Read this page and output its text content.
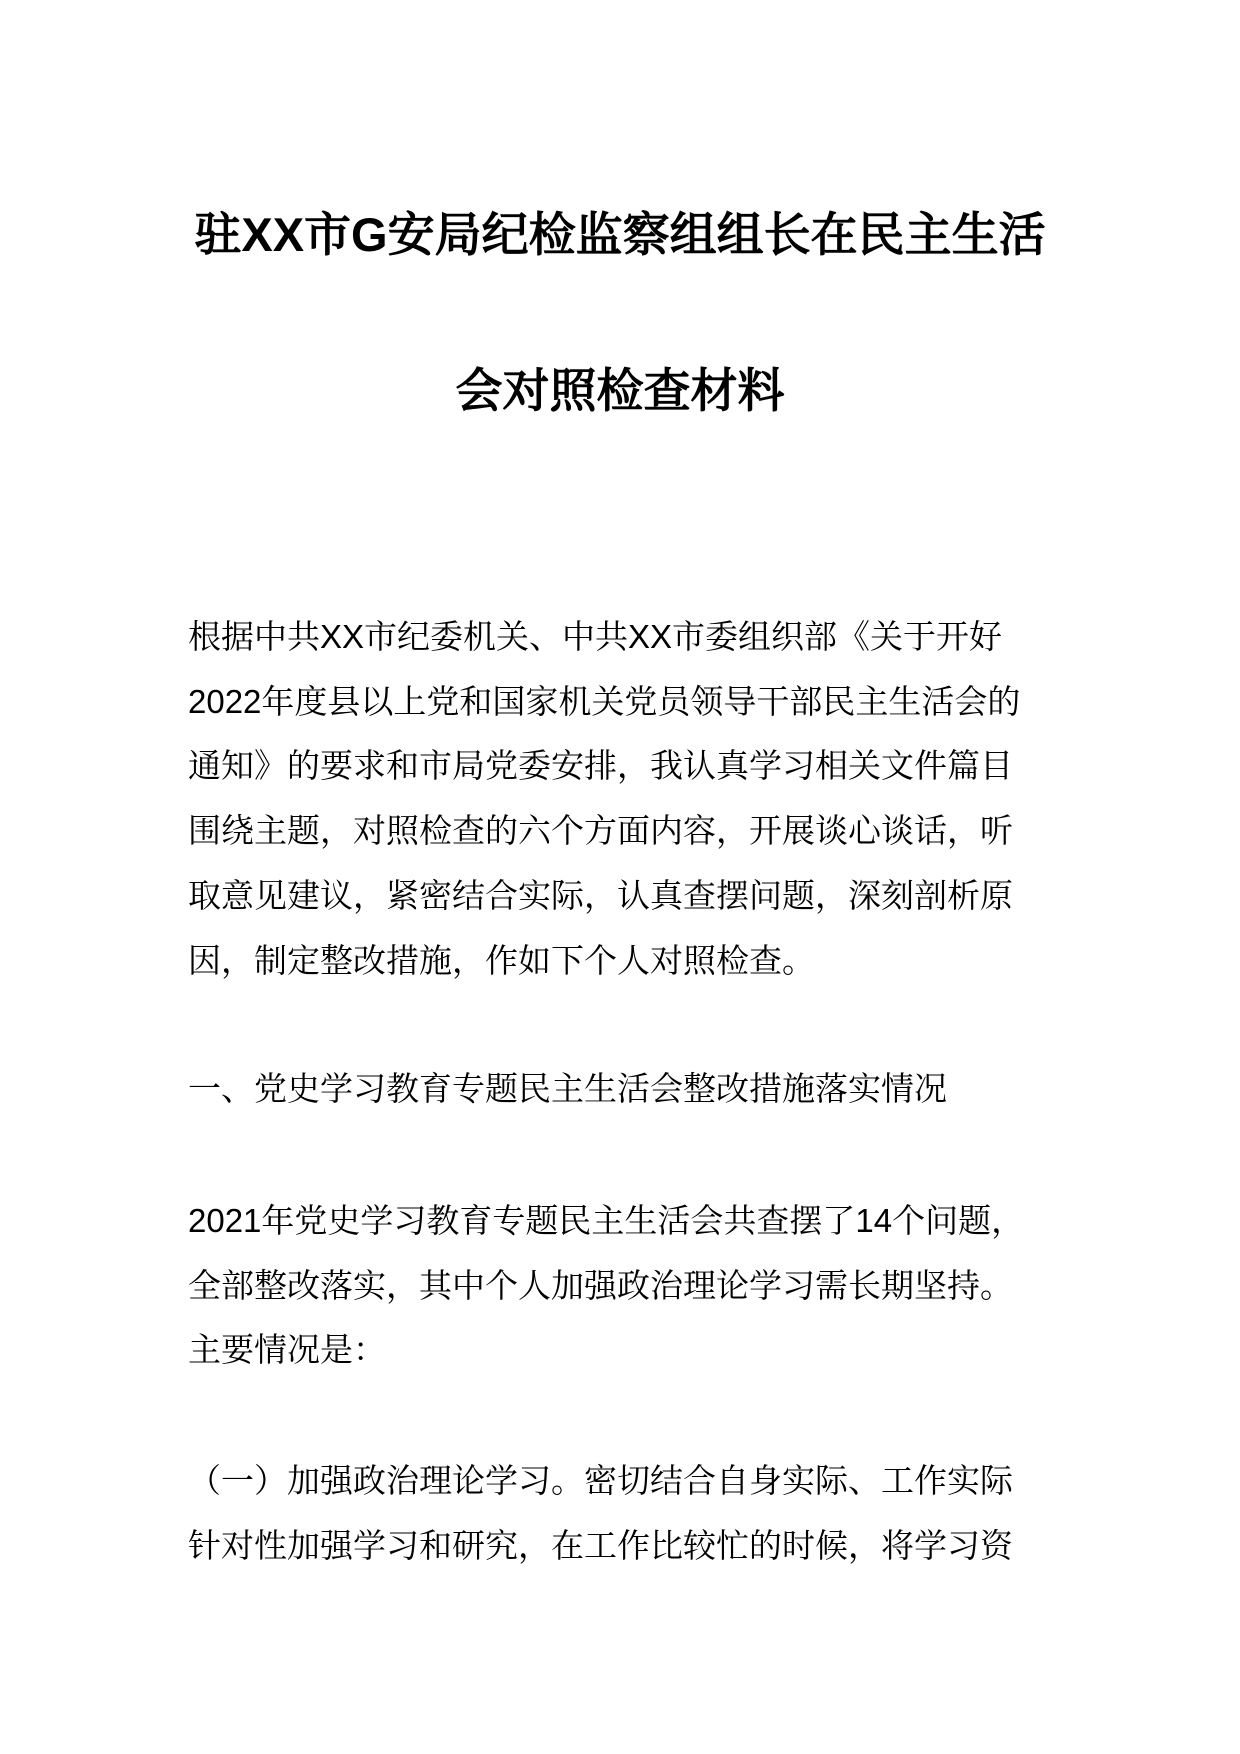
驻XX市G安局纪检监察组组长在民主生活
会对照检查材料
根据中共XX市纪委机关、中共XX市委组织部《关于开好
2022年度县以上党和国家机关党员领导干部民主生活会的
通知》的要求和市局党委安排，我认真学习相关文件篇目
围绕主题，对照检查的六个方面内容，开展谈心谈话，听
取意见建议，紧密结合实际，认真查摆问题，深刻剖析原
因，制定整改措施，作如下个人对照检查。
一、党史学习教育专题民主生活会整改措施落实情况
2021年党史学习教育专题民主生活会共查摆了14个问题，
全部整改落实，其中个人加强政治理论学习需长期坚持。
主要情况是：
（一）加强政治理论学习。密切结合自身实际、工作实际
针对性加强学习和研究，在工作比较忙的时候，将学习资
